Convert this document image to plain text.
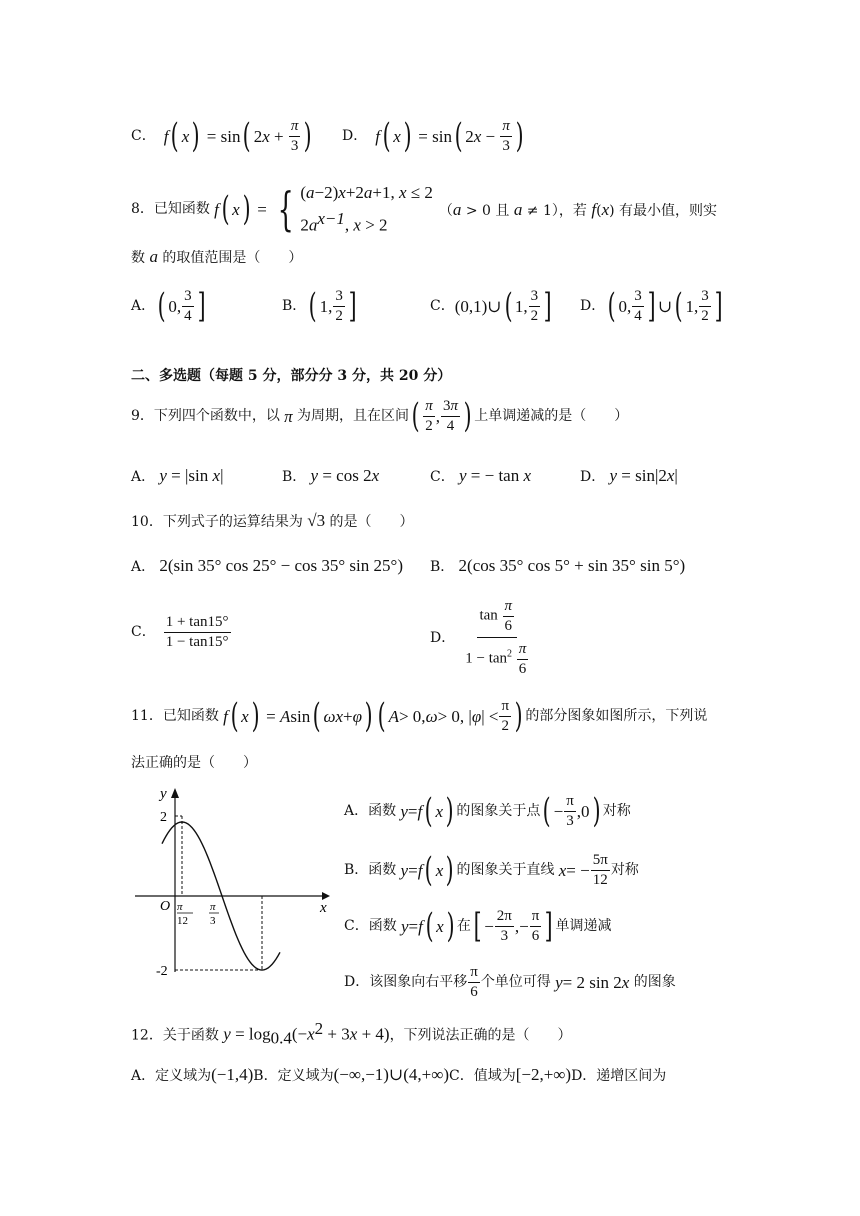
C． f ( x ) = sin ( 2 $x + \frac{\pi}{3}$ ) D． f ( x ) = sin ( 2 $x - \frac{\pi}{3}$ )
8．已知函数 f ( x ) = { (a−2)x+2a+1, x ≤ 2
$2a^{x-1}$, x > 2
（a > 0 且 a ≠ 1），若 f(x) 有最小值，则实
数 a 的取值范围是（　　）
A． ( 0, $\frac{3}{4}$ ]	B． ( 1, $\frac{3}{2}$ ]	C． (0,1)∪ ( 1, $\frac{3}{2}$ ] D． ( 0, $\frac{3}{4}$ ] ∪ ( 1, $\frac{3}{2}$ ]
二、多选题（每题 5 分，部分分 3 分，共 20 分）
9．下列四个函数中，以 π 为周期，且在区间 ( $\frac{\pi}{2}$ , $\frac{3\pi}{4}$ ) 上单调递减的是（　　）
A． y = |sin x|	B． y = cos 2x	C． y = − tan x	D． y = sin|2x|
10．下列式子的运算结果为 √3 的是（　　）
A． 2(sin 35° cos 25° − cos 35° sin 25°) B． 2(cos 35° cos 5° + sin 35° sin 5°)
C． $\frac{1 + \tan 15^\circ}{1 - \tan 15^\circ}$	D． $\frac{\tan \frac{\pi}{6}}{1 - \tan^2 \frac{\pi}{6}}$
11．已知函数 f ( x ) = A sin ( ωx + φ ) ( A > 0, ω > 0, | φ | < $\frac{\pi}{2}$ ) 的部分图象如图所示，下列说
法正确的是（　　）
y
x
O
2
-2
π
12
π
3
A．函数 y = f ( x ) 的图象关于点 ( − $\frac{\pi}{3} ,0$ ) 对称
B．函数 y = f ( x ) 的图象关于直线 x = − $\frac{5\pi}{12}$ 对称
C．函数 y = f ( x ) 在 [ − $\frac{2\pi}{3}$ ,− $\frac{\pi}{6}$ ] 单调递减
D．该图象向右平移 $\frac{\pi}{6}$ 个单位可得 y = 2 sin 2 x 的图象
12．关于函数 $y = \log_{0.4}(-x^2 + 3x + 4)$，下列说法正确的是（　　）
A．定义域为(−1,4)B．定义域为(−∞,−1)∪(4,+∞)C．值域为[−2,+∞)D．递增区间为
